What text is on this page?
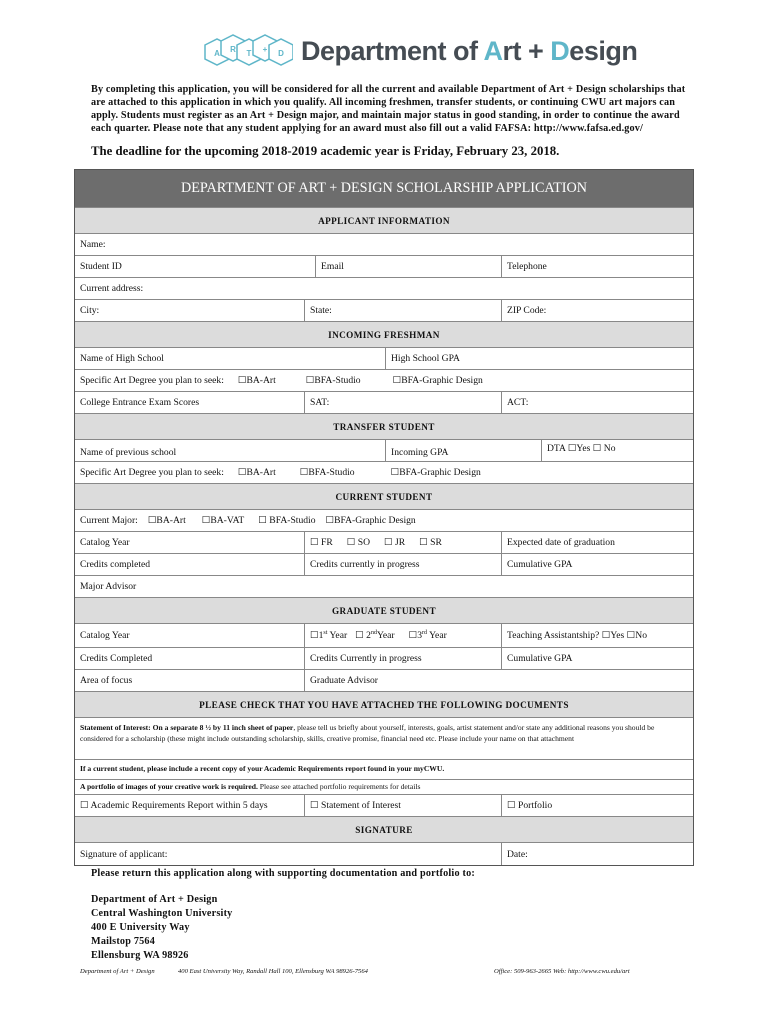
A R T + D Department of Art + Design
By completing this application, you will be considered for all the current and available Department of Art + Design scholarships that are attached to this application in which you qualify. All incoming freshmen, transfer students, or continuing CWU art majors can apply. Students must register as an Art + Design major, and maintain major status in good standing, in order to continue the award each quarter. Please note that any student applying for an award must also fill out a valid FAFSA: http://www.fafsa.ed.gov/
The deadline for the upcoming 2018-2019 academic year is Friday, February 23, 2018.
DEPARTMENT OF ART + DESIGN SCHOLARSHIP APPLICATION
APPLICANT INFORMATION
Name:
Student ID	Email	Telephone
Current address:
City:	State:	ZIP Code:
INCOMING FRESHMAN
Name of High School	High School GPA
Specific Art Degree you plan to seek: ☐BA-Art	☐BFA-Studio	☐BFA-Graphic Design
College Entrance Exam Scores	SAT:	ACT:
TRANSFER STUDENT
Name of previous school	Incoming GPA	DTA ☐Yes ☐ No
Specific Art Degree you plan to seek: ☐BA-Art	☐BFA-Studio	☐BFA-Graphic Design
CURRENT STUDENT
Current Major: ☐BA-Art ☐BA-VAT ☐ BFA-Studio ☐BFA-Graphic Design
Catalog Year	☐ FR ☐ SO ☐ JR ☐ SR	Expected date of graduation
Credits completed	Credits currently in progress	Cumulative GPA
Major Advisor
GRADUATE STUDENT
Catalog Year	☐1st Year ☐ 2ndYear ☐3rd Year	Teaching Assistantship? ☐Yes ☐No
Credits Completed	Credits Currently in progress	Cumulative GPA
Area of focus	Graduate Advisor
PLEASE CHECK THAT YOU HAVE ATTACHED THE FOLLOWING DOCUMENTS
Statement of Interest: On a separate 8 ½ by 11 inch sheet of paper, please tell us briefly about yourself, interests, goals, artist statement and/or state any additional reasons you should be considered for a scholarship (these might include outstanding scholarship, skills, creative promise, financial need etc. Please include your name on that attachment
If a current student, please include a recent copy of your Academic Requirements report found in your myCWU.
A portfolio of images of your creative work is required. Please see attached portfolio requirements for details
☐ Academic Requirements Report within 5 days	☐ Statement of Interest	☐ Portfolio
SIGNATURE
Signature of applicant:	Date:
Please return this application along with supporting documentation and portfolio to:
Department of Art + Design
Central Washington University
400 E University Way
Mailstop 7564
Ellensburg WA 98926
Department of Art + Design	400 East University Way, Randall Hall 100, Ellensburg WA 98926-7564	Office: 509-963-2665 Web: http://www.cwu.edu/art
